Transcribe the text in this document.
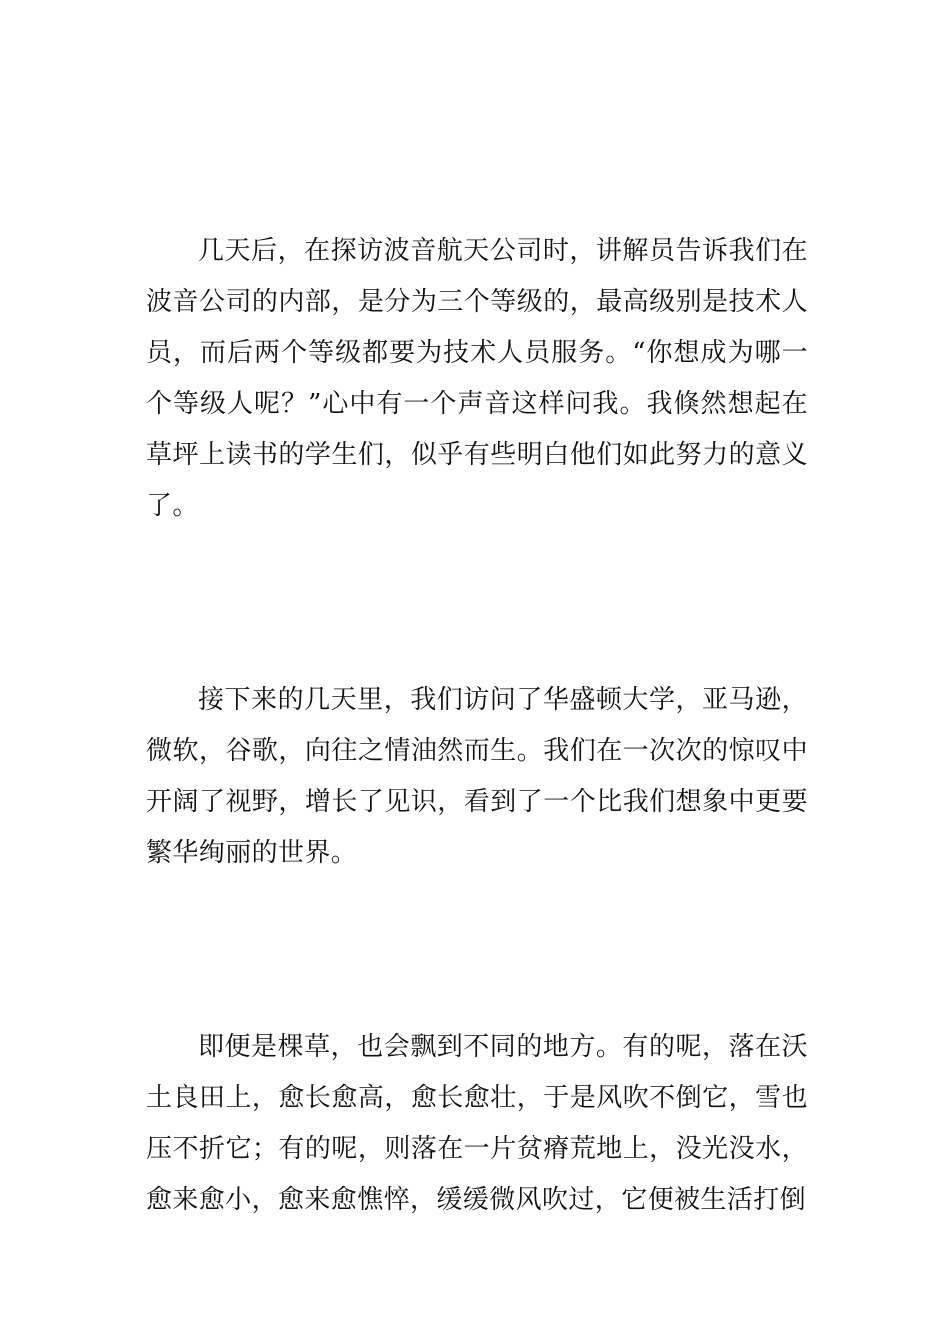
几天后，在探访波音航天公司时，讲解员告诉我们在波音公司的内部，是分为三个等级的，最高级别是技术人员，而后两个等级都要为技术人员服务。“你想成为哪一个等级人呢？”心中有一个声音这样问我。我倏然想起在草坪上读书的学生们，似乎有些明白他们如此努力的意义了。

接下来的几天里，我们访问了华盛顿大学，亚马逊，微软，谷歌，向往之情油然而生。我们在一次次的惊叹中开阔了视野，增长了见识，看到了一个比我们想象中更要繁华绚丽的世界。

即便是棵草，也会飘到不同的地方。有的呢，落在沃土良田上，愈长愈高，愈长愈壮，于是风吹不倒它，雪也压不折它；有的呢，则落在一片贫瘠荒地上，没光没水，愈来愈小，愈来愈憔悴，缓缓微风吹过，它便被生活打倒
